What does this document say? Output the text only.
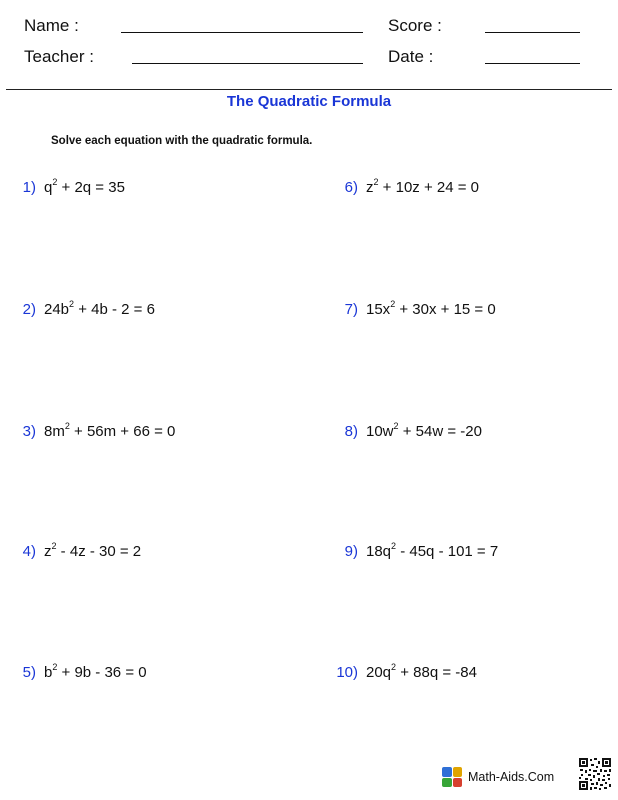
Name :	Score :
Teacher :	Date :
The Quadratic Formula
Solve each equation with the quadratic formula.
1) $q^2 + 2q = 35$
2) $24b^2 + 4b - 2 = 6$
3) $8m^2 + 56m + 66 = 0$
4) $z^2 - 4z - 30 = 2$
5) $b^2 + 9b - 36 = 0$
6) $z^2 + 10z + 24 = 0$
7) $15x^2 + 30x + 15 = 0$
8) $10w^2 + 54w = -20$
9) $18q^2 - 45q - 101 = 7$
10) $20q^2 + 88q = -84$
Math-Aids.Com
